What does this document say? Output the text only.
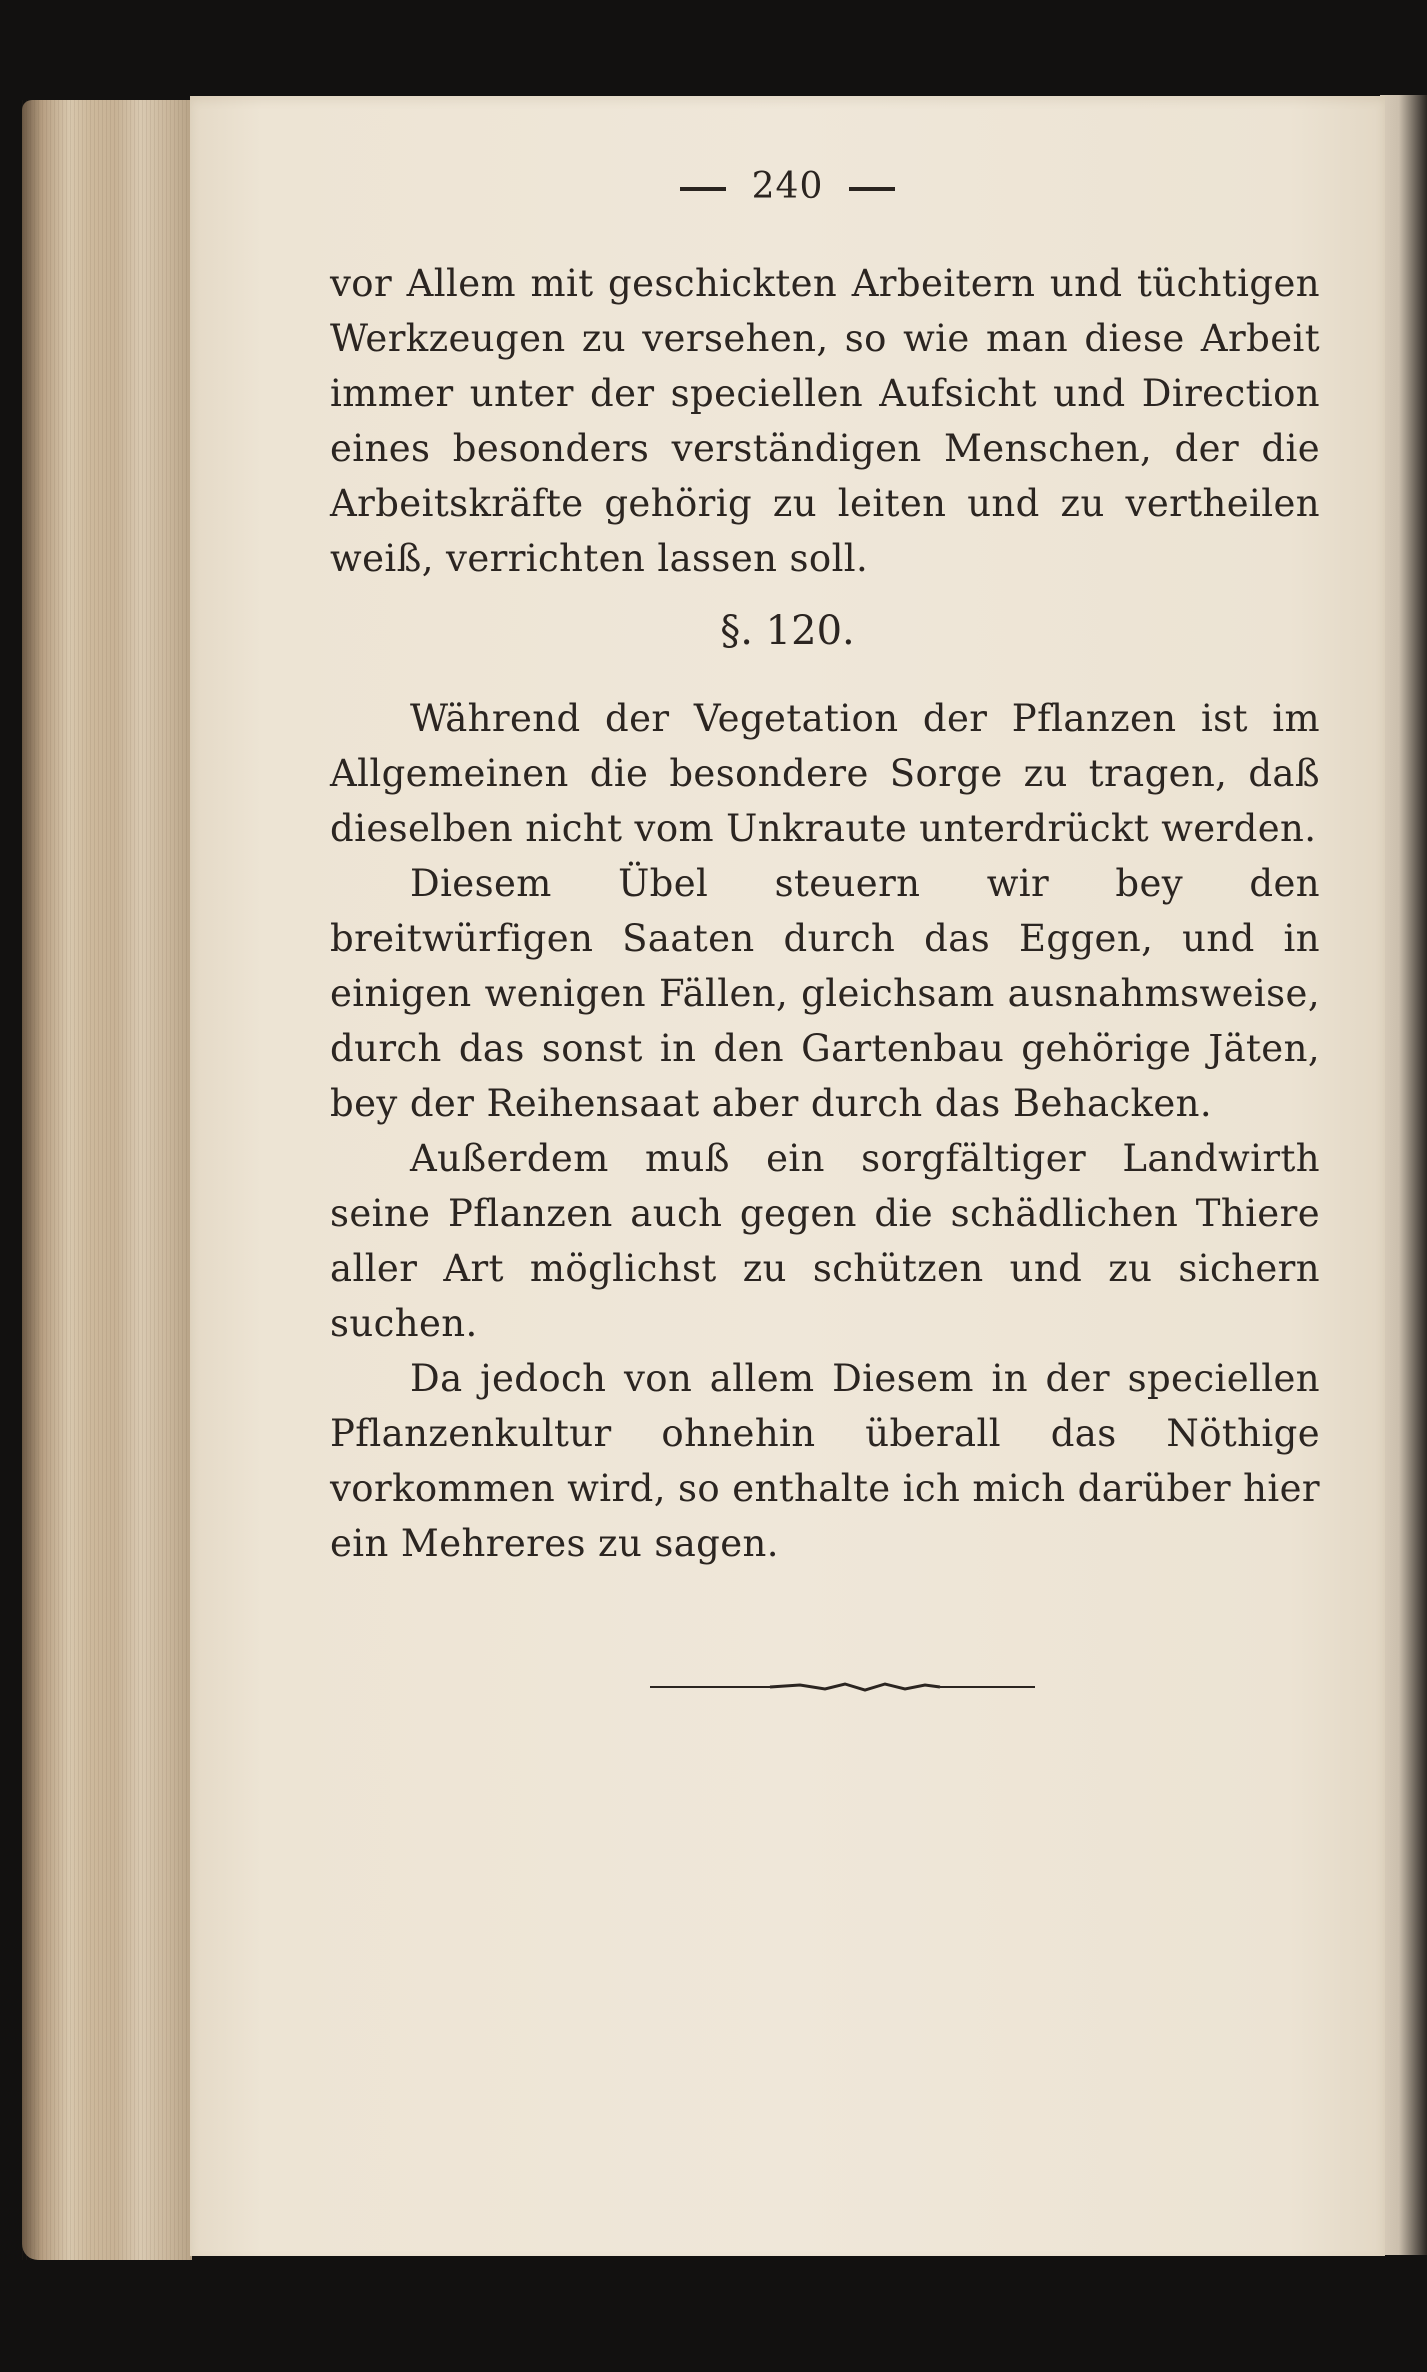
240

vor Allem mit geschickten Arbeitern und tüchtigen Werkzeugen zu versehen, so wie man diese Arbeit immer unter der speciellen Aufsicht und Direction eines besonders verständigen Menschen, der die Arbeitskräfte gehörig zu leiten und zu vertheilen weiß, verrichten lassen soll.

§. 120.

Während der Vegetation der Pflanzen ist im Allgemeinen die besondere Sorge zu tragen, daß dieselben nicht vom Unkraute unterdrückt werden.

Diesem Übel steuern wir bey den breitwürfigen Saaten durch das Eggen, und in einigen wenigen Fällen, gleichsam ausnahmsweise, durch das sonst in den Gartenbau gehörige Jäten, bey der Reihensaat aber durch das Behacken.

Außerdem muß ein sorgfältiger Landwirth seine Pflanzen auch gegen die schädlichen Thiere aller Art möglichst zu schützen und zu sichern suchen.

Da jedoch von allem Diesem in der speciellen Pflanzenkultur ohnehin überall das Nöthige vorkommen wird, so enthalte ich mich darüber hier ein Mehreres zu sagen.
